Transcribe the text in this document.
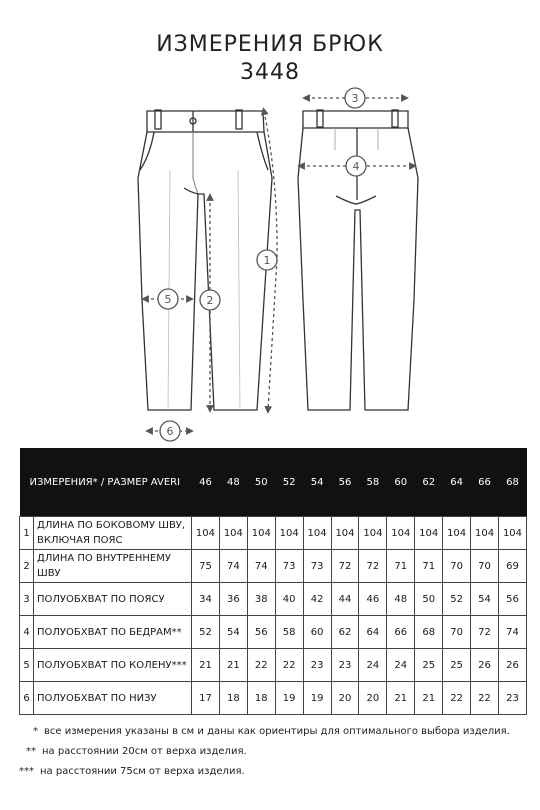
ИЗМЕРЕНИЯ БРЮК
3448
1
2
3
4
5
6
ИЗМЕРЕНИЯ* / РАЗМЕР AVERI		46	48	50	52	54	56	58	60	62	64	66	68
1	ДЛИНА ПО БОКОВОМУ ШВУ, ВКЛЮЧАЯ ПОЯС	104	104	104	104	104	104	104	104	104	104	104	104
2	ДЛИНА ПО ВНУТРЕННЕМУ ШВУ	75	74	74	73	73	72	72	71	71	70	70	69
3	ПОЛУОБХВАТ ПО ПОЯСУ	34	36	38	40	42	44	46	48	50	52	54	56
4	ПОЛУОБХВАТ ПО БЕДРАМ**	52	54	56	58	60	62	64	66	68	70	72	74
5	ПОЛУОБХВАТ ПО КОЛЕНУ***	21	21	22	22	23	23	24	24	25	25	26	26
6	ПОЛУОБХВАТ ПО НИЗУ	17	18	18	19	19	20	20	21	21	22	22	23
* все измерения указаны в см и даны как ориентиры для оптимального выбора изделия.
** на расстоянии 20см от верха изделия.
*** на расстоянии 75см от верха изделия.
